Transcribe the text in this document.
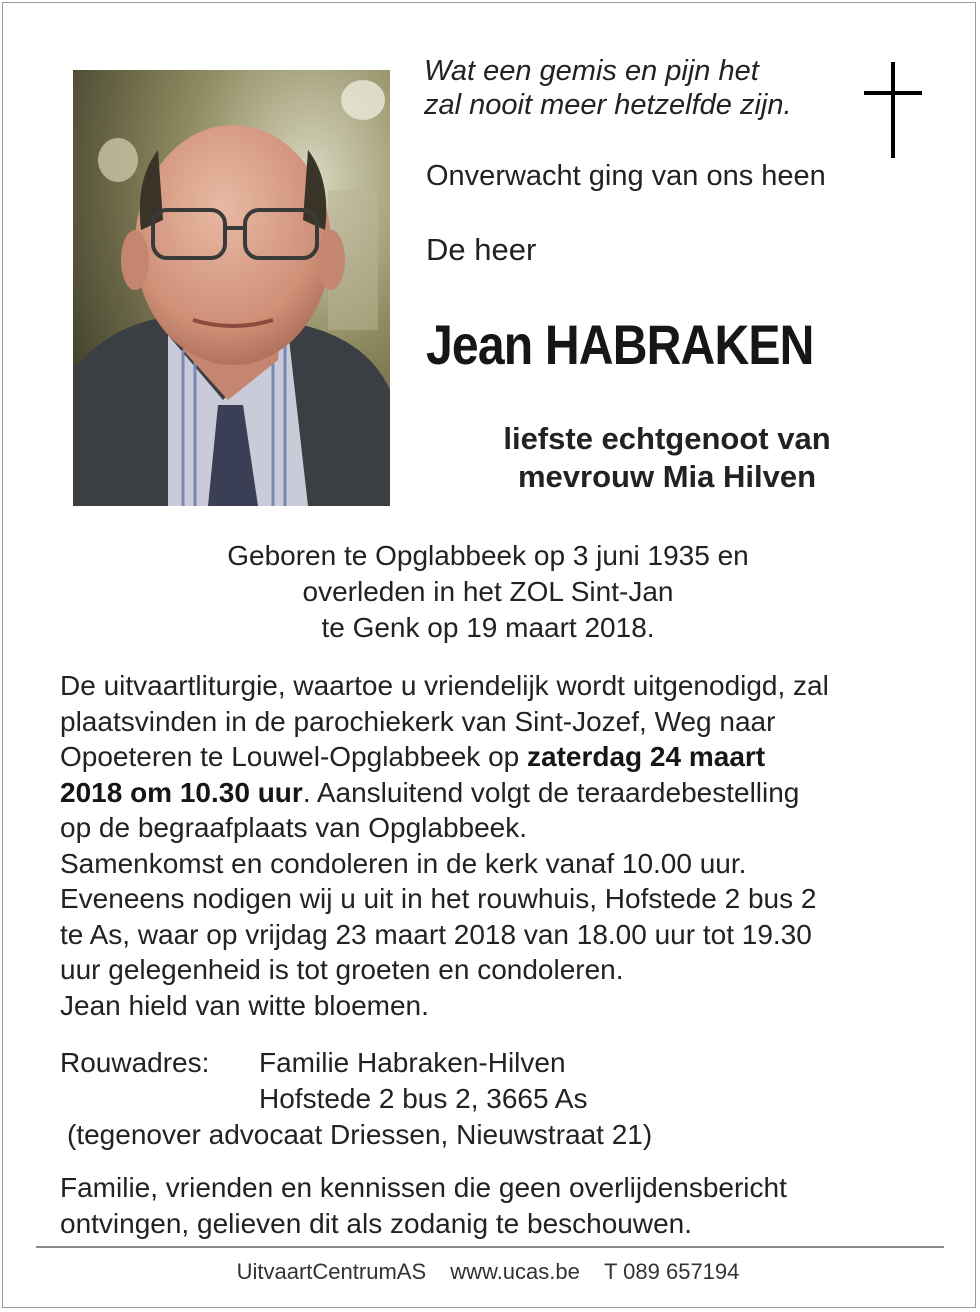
Wat een gemis en pijn het
zal nooit meer hetzelfde zijn.
Onverwacht ging van ons heen
De heer
Jean HABRAKEN
liefste echtgenoot van
mevrouw Mia Hilven
Geboren te Opglabbeek op 3 juni 1935 en
overleden in het ZOL Sint-Jan
te Genk op 19 maart 2018.
De uitvaartliturgie, waartoe u vriendelijk wordt uitgenodigd, zal
plaatsvinden in de parochiekerk van Sint-Jozef, Weg naar
Opoeteren te Louwel-Opglabbeek op zaterdag 24 maart
2018 om 10.30 uur. Aansluitend volgt de teraardebestelling
op de begraafplaats van Opglabbeek.
Samenkomst en condoleren in de kerk vanaf 10.00 uur.
Eveneens nodigen wij u uit in het rouwhuis, Hofstede 2 bus 2
te As, waar op vrijdag 23 maart 2018 van 18.00 uur tot 19.30
uur gelegenheid is tot groeten en condoleren.
Jean hield van witte bloemen.
Rouwadres: Familie Habraken-Hilven
Hofstede 2 bus 2, 3665 As
(tegenover advocaat Driessen, Nieuwstraat 21)
Familie, vrienden en kennissen die geen overlijdensbericht
ontvingen, gelieven dit als zodanig te beschouwen.
UitvaartCentrumAS www.ucas.be T 089 657194
